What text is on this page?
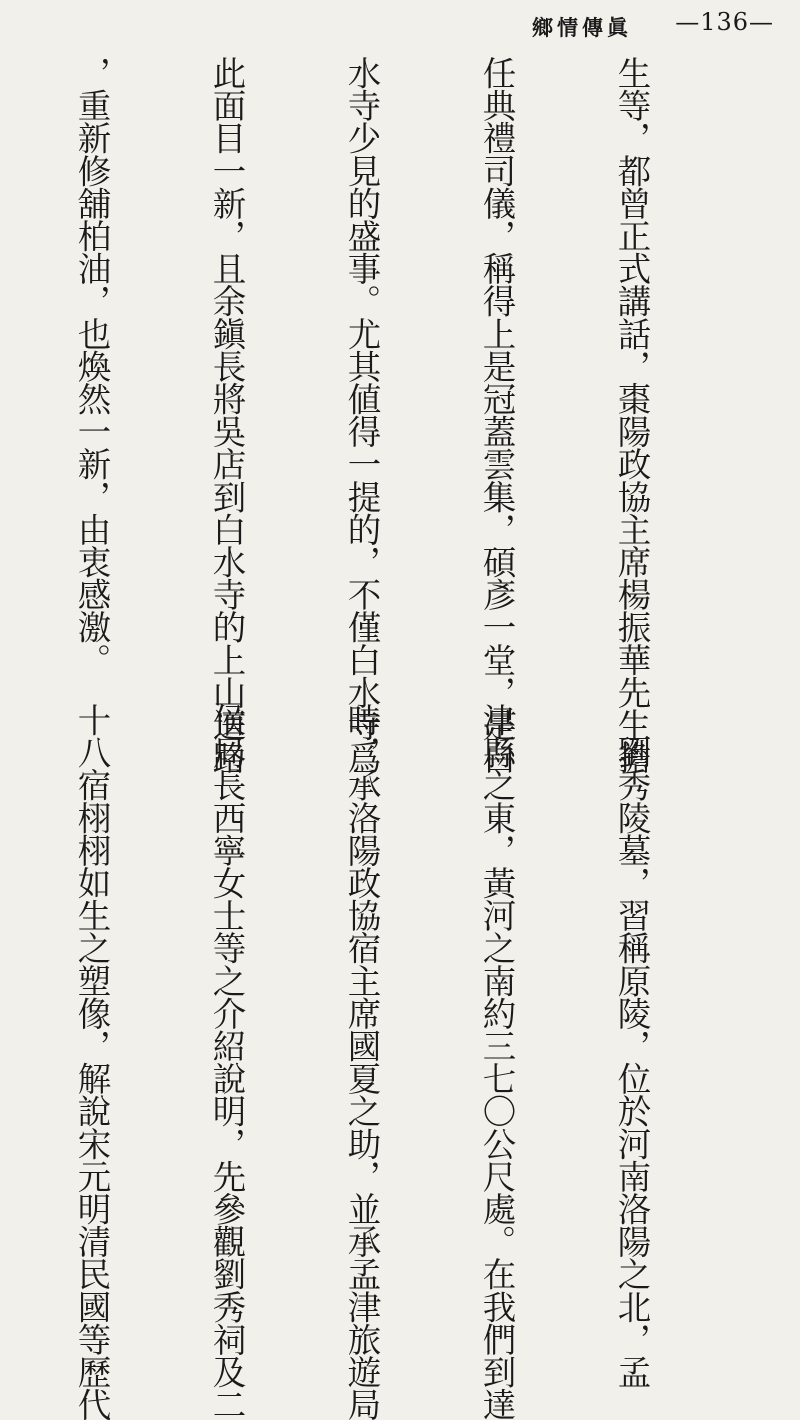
鄉情傳眞 —136—

生等，都曾正式講話，棗陽政協主席楊振華先生擔

任典禮司儀，稱得上是冠蓋雲集，碩彥一堂，是白

水寺少見的盛事。尤其値得一提的，不僅白水寺爲

此面目一新，且余鎭長將吳店到白水寺的上山道路

，重新修舖柏油，也煥然一新，由衷感激。

　劉秀陵墓，習稱原陵，位於河南洛陽之北，孟

津縣之東，黃河之南約三七〇公尺處。在我們到達

時，承洛陽政協宿主席國夏之助，並承孟津旅遊局

侯局長西寧女士等之介紹說明，先參觀劉秀祠及二

十八宿栩栩如生之塑像，解說宋元明清民國等歷代
